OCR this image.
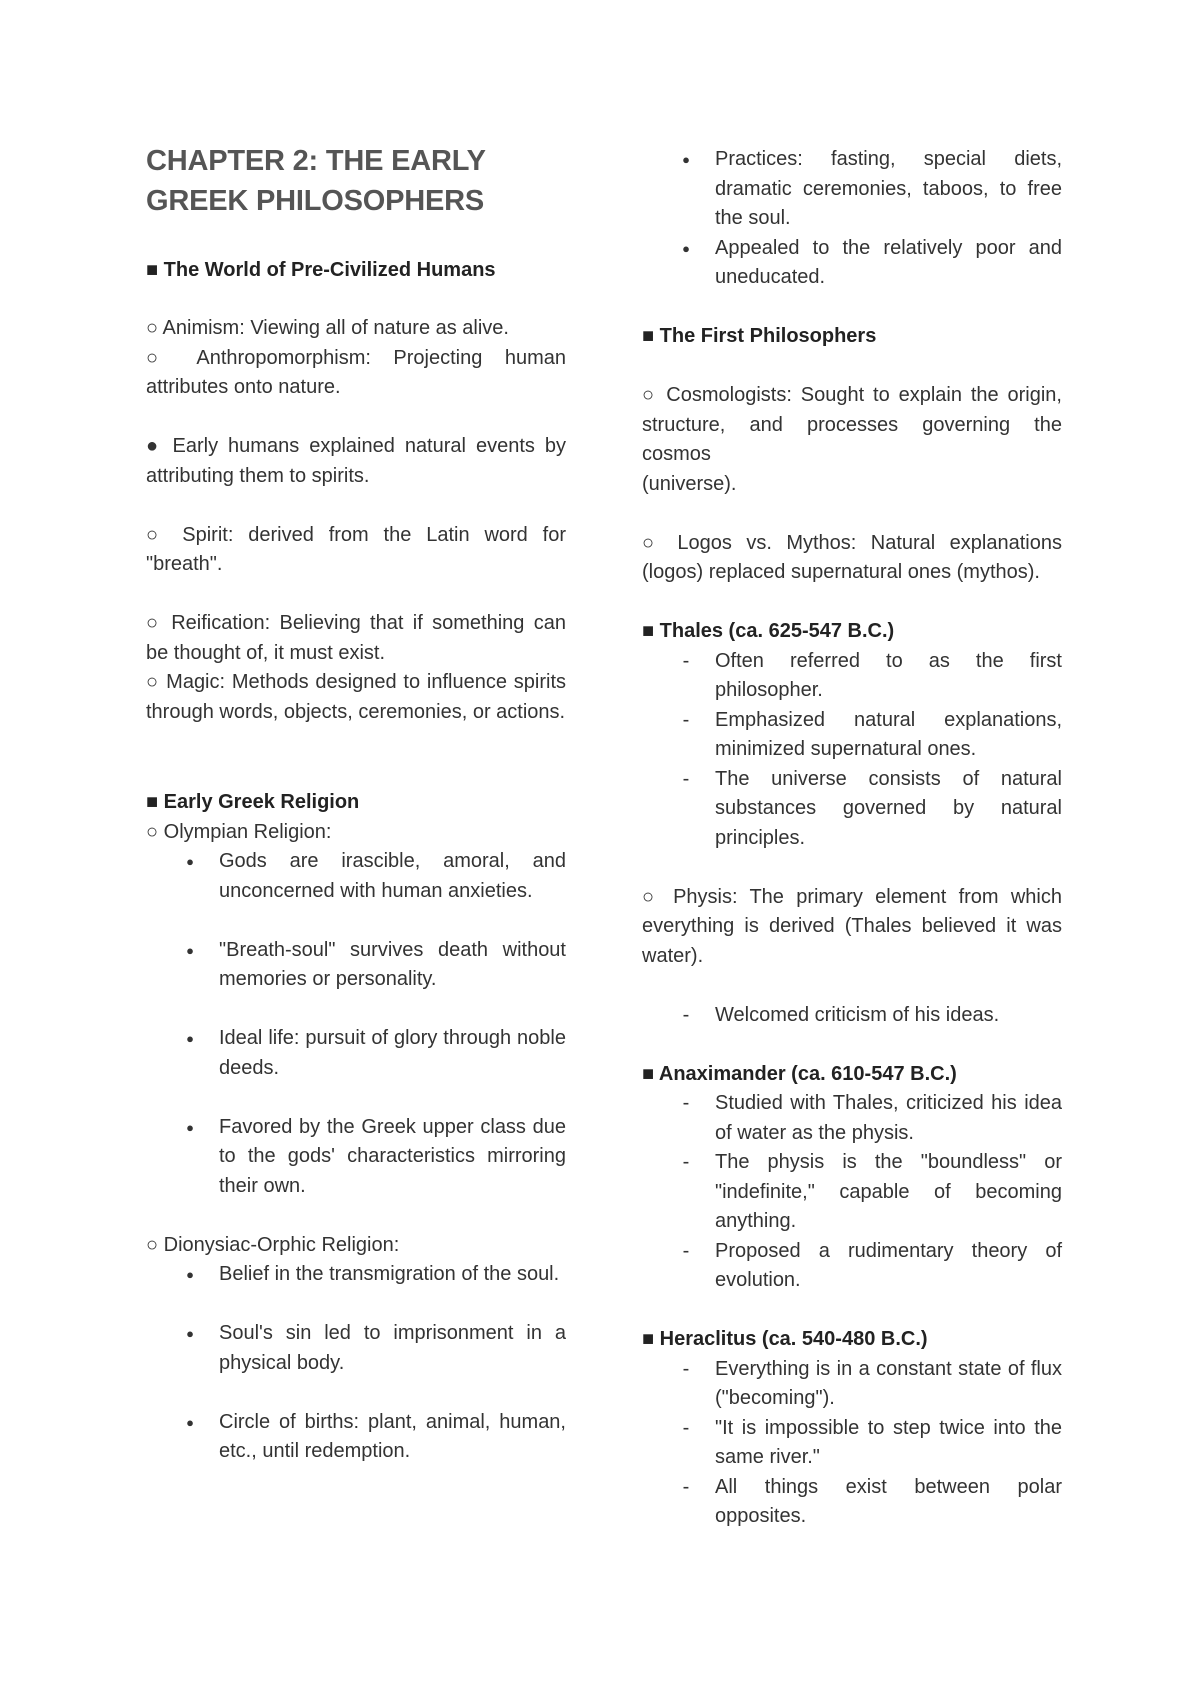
CHAPTER 2: THE EARLY GREEK PHILOSOPHERS

■ The World of Pre-Civilized Humans

○ Animism: Viewing all of nature as alive.

○ Anthropomorphism: Projecting human attributes onto nature.

● Early humans explained natural events by attributing them to spirits.

○ Spirit: derived from the Latin word for "breath".

○ Reification: Believing that if something can be thought of, it must exist.

○ Magic: Methods designed to influence spirits through words, objects, ceremonies, or actions.

■ Early Greek Religion

○ Olympian Religion:

● Gods are irascible, amoral, and unconcerned with human anxieties.
● "Breath-soul" survives death without memories or personality.
● Ideal life: pursuit of glory through noble deeds.
● Favored by the Greek upper class due to the gods' characteristics mirroring their own.

○ Dionysiac-Orphic Religion:

● Belief in the transmigration of the soul.
● Soul's sin led to imprisonment in a physical body.
● Circle of births: plant, animal, human, etc., until redemption.
● Practices: fasting, special diets, dramatic ceremonies, taboos, to free the soul.
● Appealed to the relatively poor and uneducated.

■ The First Philosophers

○ Cosmologists: Sought to explain the origin, structure, and processes governing the cosmos

(universe).

○ Logos vs. Mythos: Natural explanations (logos) replaced supernatural ones (mythos).

■ Thales (ca. 625-547 B.C.)

- Often referred to as the first philosopher.
- Emphasized natural explanations, minimized supernatural ones.
- The universe consists of natural substances governed by natural principles.

○ Physis: The primary element from which everything is derived (Thales believed it was water).

- Welcomed criticism of his ideas.

■ Anaximander (ca. 610-547 B.C.)

- Studied with Thales, criticized his idea of water as the physis.
- The physis is the "boundless" or "indefinite," capable of becoming anything.
- Proposed a rudimentary theory of evolution.

■ Heraclitus (ca. 540-480 B.C.)

- Everything is in a constant state of flux ("becoming").
- "It is impossible to step twice into the same river."
- All things exist between polar opposites.
